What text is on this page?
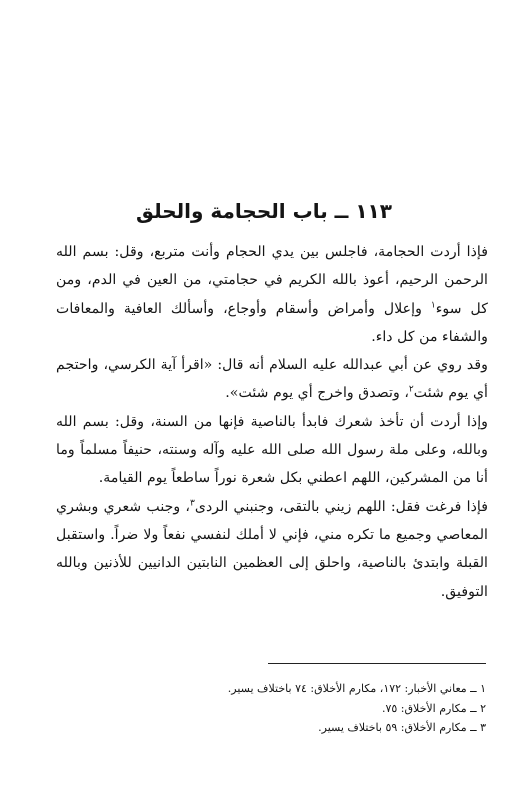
١١٣ ــ باب الحجامة والحلق

فإذا أردت الحجامة، فاجلس بين يدي الحجام وأنت متربع، وقل: بسم الله الرحمن الرحيم، أعوذ بالله الكريم في حجامتي، من العين في الدم، ومن كل سوء$^١$ وإعلال وأمراض وأسقام وأوجاع، وأسألك العافية والمعافات والشفاء من كل داء.

وقد روي عن أبي عبدالله عليه السلام أنه قال: «اقرأ آية الكرسي، واحتجم أي يوم شئت$^٢$، وتصدق واخرج أي يوم شئت».

وإذا أردت أن تأخذ شعرك فابدأ بالناصية فإنها من السنة، وقل: بسم الله وبالله، وعلى ملة رسول الله صلى الله عليه وآله وسنته، حنيفاً مسلماً وما أنا من المشركين، اللهم اعطني بكل شعرة نوراً ساطعاً يوم القيامة.

فإذا فرغت فقل: اللهم زيني بالتقى، وجنبني الردى$^٣$، وجنب شعري وبشري المعاصي وجميع ما تكره مني، فإني لا أملك لنفسي نفعاً ولا ضراً. واستقبل القبلة وابتدئ بالناصية، واحلق إلى العظمين النابتين الدانيين للأذنين وبالله التوفيق.

١ ــ معاني الأخبار: ١٧٢، مكارم الأخلاق: ٧٤ باختلاف يسير.
٢ ــ مكارم الأخلاق: ٧٥.
٣ ــ مكارم الأخلاق: ٥٩ باختلاف يسير.
